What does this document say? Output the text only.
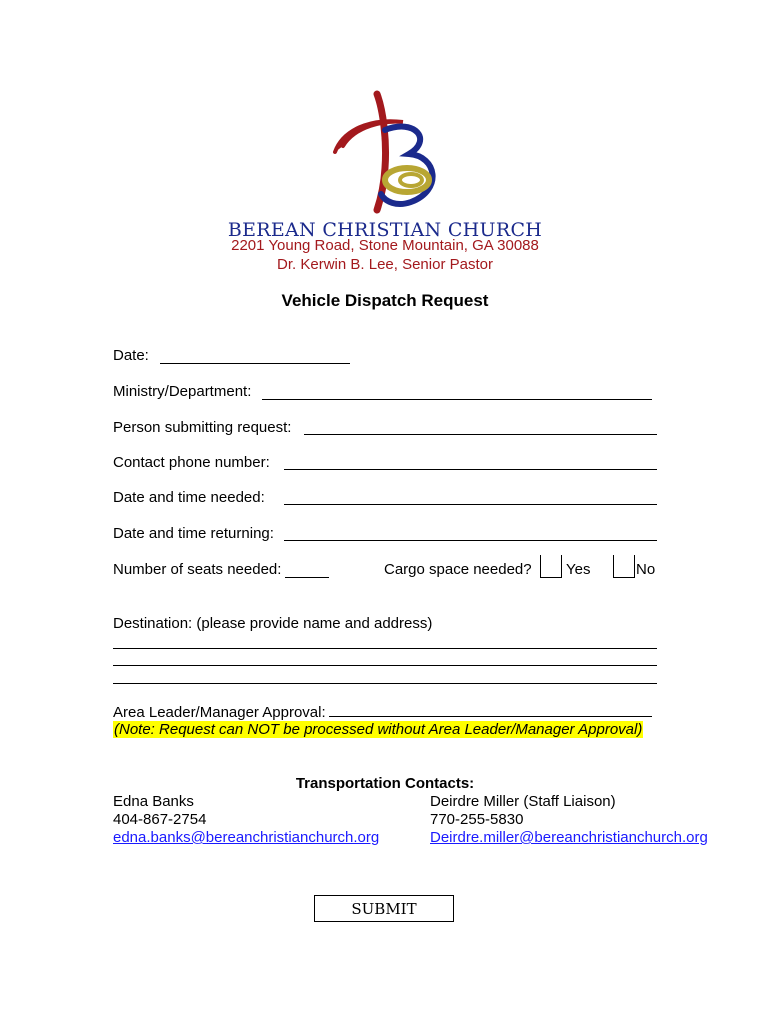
BEREAN CHRISTIAN CHURCH
2201 Young Road, Stone Mountain, GA 30088
Dr. Kerwin B. Lee, Senior Pastor
Vehicle Dispatch Request
Date:
Ministry/Department:
Person submitting request:
Contact phone number:
Date and time needed:
Date and time returning:
Number of seats needed:	Cargo space needed? Yes	No
Destination: (please provide name and address)
Area Leader/Manager Approval:
(Note: Request can NOT be processed without Area Leader/Manager Approval)
Transportation Contacts:
Edna Banks
404-867-2754
edna.banks@bereanchristianchurch.org
Deirdre Miller (Staff Liaison)
770-255-5830
Deirdre.miller@bereanchristianchurch.org
SUBMIT
